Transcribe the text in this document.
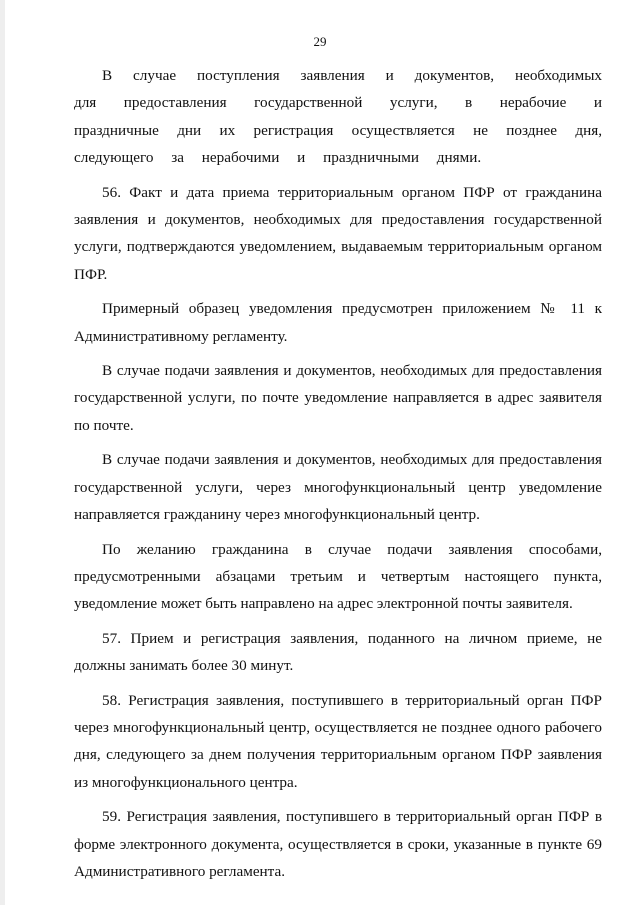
29

В случае поступления заявления и документов, необходимых для предоставления государственной услуги, в нерабочие и праздничные дни их регистрация осуществляется не позднее дня, следующего за нерабочими и праздничными днями.

56. Факт и дата приема территориальным органом ПФР от гражданина заявления и документов, необходимых для предоставления государственной услуги, подтверждаются уведомлением, выдаваемым территориальным органом ПФР.

Примерный образец уведомления предусмотрен приложением № 11 к Административному регламенту.

В случае подачи заявления и документов, необходимых для предоставления государственной услуги, по почте уведомление направляется в адрес заявителя по почте.

В случае подачи заявления и документов, необходимых для предоставления государственной услуги, через многофункциональный центр уведомление направляется гражданину через многофункциональный центр.

По желанию гражданина в случае подачи заявления способами, предусмотренными абзацами третьим и четвертым настоящего пункта, уведомление может быть направлено на адрес электронной почты заявителя.

57. Прием и регистрация заявления, поданного на личном приеме, не должны занимать более 30 минут.

58. Регистрация заявления, поступившего в территориальный орган ПФР через многофункциональный центр, осуществляется не позднее одного рабочего дня, следующего за днем получения территориальным органом ПФР заявления из многофункционального центра.

59. Регистрация заявления, поступившего в территориальный орган ПФР в форме электронного документа, осуществляется в сроки, указанные в пункте 69 Административного регламента.
